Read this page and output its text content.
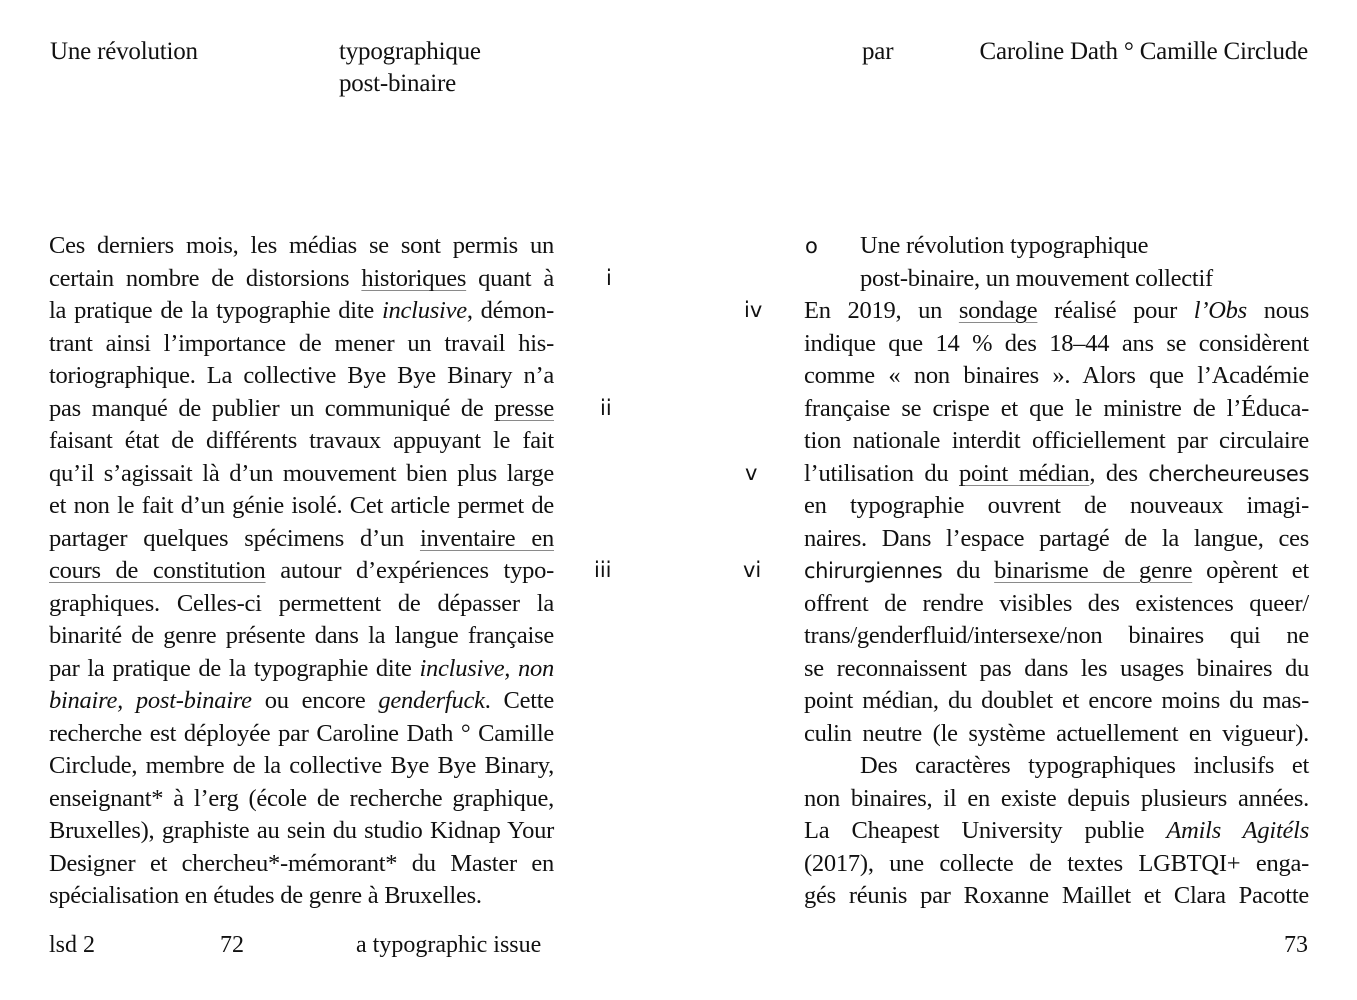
Une révolution	typographique
post-binaire
par	Caroline Dath ° Camille Circlude
Ces derniers mois, les médias se sont permis un
certain nombre de distorsions historiques quant à
la pratique de la typographie dite inclusive, démon-
trant ainsi l’importance de mener un travail his-
toriographique. La collective Bye Bye Binary n’a
pas manqué de publier un communiqué de presse
faisant état de différents travaux appuyant le fait
qu’il s’agissait là d’un mouvement bien plus large
et non le fait d’un génie isolé. Cet article permet de
partager quelques spécimens d’un inventaire en
cours de constitution autour d’expériences typo-
graphiques. Celles-ci permettent de dépasser la
binarité de genre présente dans la langue française
par la pratique de la typographie dite inclusive, non
binaire, post-binaire ou encore genderfuck. Cette
recherche est déployée par Caroline Dath ° Camille
Circlude, membre de la collective Bye Bye Binary,
enseignant* à l’erg (école de recherche graphique,
Bruxelles), graphiste au sein du studio Kidnap Your
Designer et chercheu*-mémorant* du Master en
spécialisation en études de genre à Bruxelles.
i
ii
iii
o
iv
v
vi
Une révolution typographique
post-binaire, un mouvement collectif
En 2019, un sondage réalisé pour l’Obs nous
indique que 14 % des 18–44 ans se considèrent
comme « non binaires ». Alors que l’Académie
française se crispe et que le ministre de l’Éduca-
tion nationale interdit officiellement par circulaire
l’utilisation du point médian, des chercheureuses
en typographie ouvrent de nouveaux imagi-
naires. Dans l’espace partagé de la langue, ces
chirurgiennes du binarisme de genre opèrent et
offrent de rendre visibles des existences queer/
trans/genderfluid/intersexe/non binaires qui ne
se reconnaissent pas dans les usages binaires du
point médian, du doublet et encore moins du mas-
culin neutre (le système actuellement en vigueur).
Des caractères typographiques inclusifs et
non binaires, il en existe depuis plusieurs années.
La Cheapest University publie Amils Agitéls
(2017), une collecte de textes LGBTQI+ enga-
gés réunis par Roxanne Maillet et Clara Pacotte
lsd 2	72	a typographic issue	73
